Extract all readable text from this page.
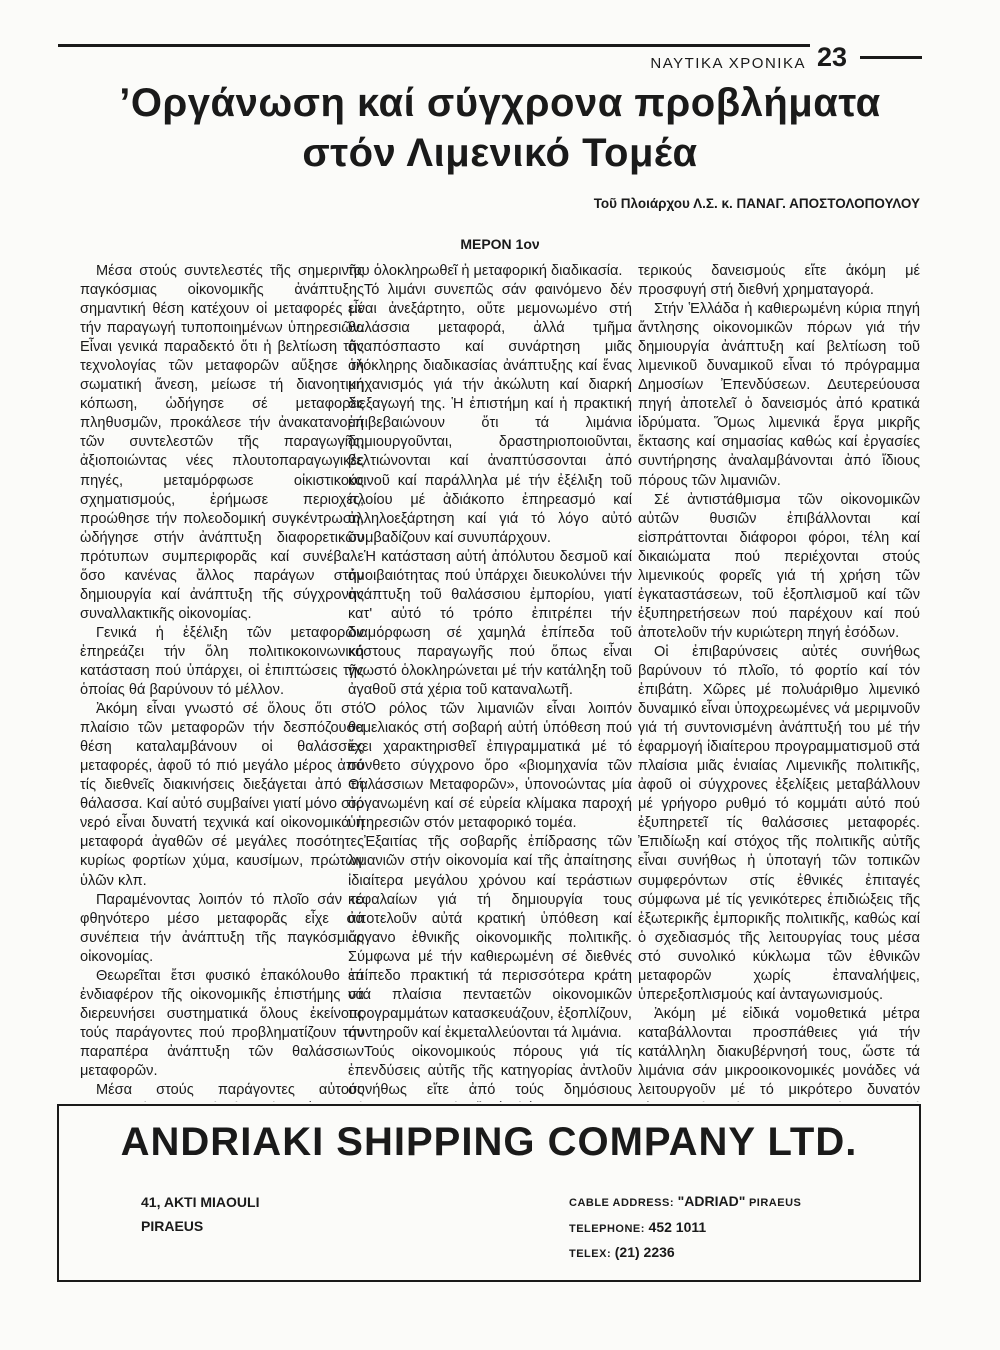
ΝΑΥΤΙΚΑ ΧΡΟΝΙΚΑ 23
’Οργάνωση καί σύγχρονα προβλήματα
στόν Λιμενικό Τομέα
Τοῦ Πλοιάρχου Λ.Σ. κ. ΠΑΝΑΓ. ΑΠΟΣΤΟΛΟΠΟΥΛΟΥ
ΜΕΡΟΝ 1ον

Μέσα στούς συντελεστές τῆς σημερινῆς παγκόσμιας οἰκονομικῆς ἀνάπτυξης σημαντική θέση κατέχουν οἱ μεταφορές μέ τήν παραγωγή τυποποιημένων ὑπηρεσιῶν. Εἶναι γενικά παραδεκτό ὅτι ἡ βελτίωση τῆς τεχνολογίας τῶν μεταφορῶν αὔξησε τή σωματική ἄνεση, μείωσε τή διανοητική κόπωση, ὡδήγησε σέ μεταφορές πληθυσμῶν, προκάλεσε τήν ἀνακατανομή τῶν συντελεστῶν τῆς παραγωγῆς, ἀξιοποιώντας νέες πλουτοπαραγωγικές πηγές, μεταμόρφωσε οἰκιστικούς σχηματισμούς, ἐρήμωσε περιοχές, προώθησε τήν πολεοδομική συγκέντρωση, ὡδήγησε στήν ἀνάπτυξη διαφορετικῶν πρότυπων συμπεριφορᾶς καί συνέβαλε ὅσο κανένας ἄλλος παράγων στήν δημιουργία καί ἀνάπτυξη τῆς σύγχρονης συναλλακτικῆς οἰκονομίας.

Γενικά ἡ ἐξέλιξη τῶν μεταφορῶν ἐπηρεάζει τήν ὅλη πολιτικοκοινωνική κατάσταση πού ὑπάρχει, οἱ ἐπιπτώσεις τῆς ὁποίας θά βαρύνουν τό μέλλον.

Ἀκόμη εἶναι γνωστό σέ ὅλους ὅτι στό πλαίσιο τῶν μεταφορῶν τήν δεσπόζουσα θέση καταλαμβάνουν οἱ θαλάσσιες μεταφορές, ἀφοῦ τό πιό μεγάλο μέρος ἀπό τίς διεθνεῖς διακινήσεις διεξάγεται ἀπό τή θάλασσα. Καί αὐτό συμβαίνει γιατί μόνο στό νερό εἶναι δυνατή τεχνικά καί οἰκονομικά ἡ μεταφορά ἀγαθῶν σέ μεγάλες ποσότητες κυρίως φορτίων χύμα, καυσίμων, πρώτων ὑλῶν κλπ.

Παραμένοντας λοιπόν τό πλοῖο σάν τό φθηνότερο μέσο μεταφορᾶς εἶχε σά συνέπεια τήν ἀνάπτυξη τῆς παγκόσμιας οἰκονομίας.

Θεωρεῖται ἔτσι φυσικό ἐπακόλουθο τό ἐνδιαφέρον τῆς οἰκονομικῆς ἐπιστήμης νά διερευνήσει συστηματικά ὅλους ἐκείνους τούς παράγοντες πού προβληματίζουν τήν παραπέρα ἀνάπτυξη τῶν θαλάσσιων μεταφορῶν.

Μέσα στούς παράγοντες αὐτούς

του ὁλοκληρωθεῖ ἡ μεταφορική διαδικασία.

Τό λιμάνι συνεπῶς σάν φαινόμενο δέν εἶναι ἀνεξάρτητο, οὔτε μεμονωμένο στή θαλάσσια μεταφορά, ἀλλά τμῆμα ἀναπόσπαστο καί συνάρτηση μιᾶς ὁλόκληρης διαδικασίας ἀνάπτυξης καί ἕνας μηχανισμός γιά τήν ἀκώλυτη καί διαρκή διεξαγωγή της. Ἡ ἐπιστήμη καί ἡ πρακτική ἐπιβεβαιώνουν ὅτι τά λιμάνια δημιουργοῦνται, δραστηριοποιοῦνται, βελτιώνονται καί ἀναπτύσσονται ἀπό κοινοῦ καί παράλληλα μέ τήν ἐξέλιξη τοῦ πλοίου μέ ἀδιάκοπο ἐπηρεασμό καί ἀλληλοεξάρτηση καί γιά τό λόγο αὐτό συμβαδίζουν καί συνυπάρχουν.

Ἡ κατάσταση αὐτή ἀπόλυτου δεσμοῦ καί ἀμοιβαιότητας πού ὑπάρχει διευκολύνει τήν ἀνάπτυξη τοῦ θαλάσσιου ἐμπορίου, γιατί κατ' αὐτό τό τρόπο ἐπιτρέπει τήν διαμόρφωση σέ χαμηλά ἐπίπεδα τοῦ κόστους παραγωγῆς πού ὅπως εἶναι γνωστό ὁλοκληρώνεται μέ τήν κατάληξη τοῦ ἀγαθοῦ στά χέρια τοῦ καταναλωτῆ.

Ὁ ρόλος τῶν λιμανιῶν εἶναι λοιπόν θεμελιακός στή σοβαρή αὐτή ὑπόθεση πού ἔχει χαρακτηρισθεῖ ἐπιγραμματικά μέ τό σύνθετο σύγχρονο ὅρο «βιομηχανία τῶν Θαλάσσιων Μεταφορῶν», ὑπονοώντας μία ὀργανωμένη καί σέ εὐρεία κλίμακα παροχή ὑπηρεσιῶν στόν μεταφορικό τομέα.

Ἐξαιτίας τῆς σοβαρῆς ἐπίδρασης τῶν λιμανιῶν στήν οἰκονομία καί τῆς ἀπαίτησης ἰδιαίτερα μεγάλου χρόνου καί τεράστιων κεφαλαίων γιά τή δημιουργία τους ἀποτελοῦν αὐτά κρατική ὑπόθεση καί ὄργανο ἐθνικῆς οἰκονομικῆς πολιτικῆς. Σύμφωνα μέ τήν καθιερωμένη σέ διεθνές ἐπίπεδο πρακτική τά περισσότερα κράτη στά πλαίσια πενταετῶν οἰκονομικῶν προγραμμάτων κατασκευάζουν, ἐξοπλίζουν, συντηροῦν καί ἐκμεταλλεύονται τά λιμάνια.

Τούς οἰκονομικούς πόρους γιά τίς ἐπενδύσεις αὐτῆς τῆς κατηγορίας ἀντλοῦν συνήθως εἴτε ἀπό τούς δημόσιους

τερικούς δανεισμούς εἴτε ἀκόμη μέ προσφυγή στή διεθνή χρηματαγορά.

Στήν Ἑλλάδα ἡ καθιερωμένη κύρια πηγή ἄντλησης οἰκονομικῶν πόρων γιά τήν δημιουργία ἀνάπτυξη καί βελτίωση τοῦ λιμενικοῦ δυναμικοῦ εἶναι τό πρόγραμμα Δημοσίων Ἐπενδύσεων. Δευτερεύουσα πηγή ἀποτελεῖ ὁ δανεισμός ἀπό κρατικά ἱδρύματα. Ὅμως λιμενικά ἔργα μικρῆς ἔκτασης καί σημασίας καθώς καί ἐργασίες συντήρησης ἀναλαμβάνονται ἀπό ἴδιους πόρους τῶν λιμανιῶν.

Σέ ἀντιστάθμισμα τῶν οἰκονομικῶν αὐτῶν θυσιῶν ἐπιβάλλονται καί εἰσπράττονται διάφοροι φόροι, τέλη καί δικαιώματα πού περιέχονται στούς λιμενικούς φορεῖς γιά τή χρήση τῶν ἐγκαταστάσεων, τοῦ ἐξοπλισμοῦ καί τῶν ἐξυπηρετήσεων πού παρέχουν καί πού ἀποτελοῦν τήν κυριώτερη πηγή ἐσόδων.

Οἱ ἐπιβαρύνσεις αὐτές συνήθως βαρύνουν τό πλοῖο, τό φορτίο καί τόν ἐπιβάτη. Χῶρες μέ πολυάριθμο λιμενικό δυναμικό εἶναι ὑποχρεωμένες νά μεριμνοῦν γιά τή συντονισμένη ἀνάπτυξή του μέ τήν ἐφαρμογή ἰδιαίτερου προγραμματισμοῦ στά πλαίσια μιᾶς ἑνιαίας Λιμενικῆς πολιτικῆς, ἀφοῦ οἱ σύγχρονες ἐξελίξεις μεταβάλλουν μέ γρήγορο ρυθμό τό κομμάτι αὐτό πού ἐξυπηρετεῖ τίς θαλάσσιες μεταφορές. Ἐπιδίωξη καί στόχος τῆς πολιτικῆς αὐτῆς εἶναι συνήθως ἡ ὑποταγή τῶν τοπικῶν συμφερόντων στίς ἐθνικές ἐπιταγές σύμφωνα μέ τίς γενικότερες ἐπιδιώξεις τῆς ἐξωτερικῆς ἐμπορικῆς πολιτικῆς, καθώς καί ὁ σχεδιασμός τῆς λειτουργίας τους μέσα στό συνολικό κύκλωμα τῶν ἐθνικῶν μεταφορῶν χωρίς ἐπαναλήψεις, ὑπερεξοπλισμούς καί ἀνταγωνισμούς.

Ἀκόμη μέ εἰδικά νομοθετικά μέτρα καταβάλλονται προσπάθειες γιά τήν κατάλληλη διακυβέρνησή τους, ὥστε τά λιμάνια σάν μικροοικονομικές μονάδες νά λειτουργοῦν μέ τό μικρότερο δυνατόν

ANDRIAKI SHIPPING COMPANY LTD.
41, AKTI MIAOULI
PIRAEUS
CABLE ADDRESS: "ADRIAD" PIRAEUS
TELEPHONE: 452 1011
TELEX: (21) 2236
